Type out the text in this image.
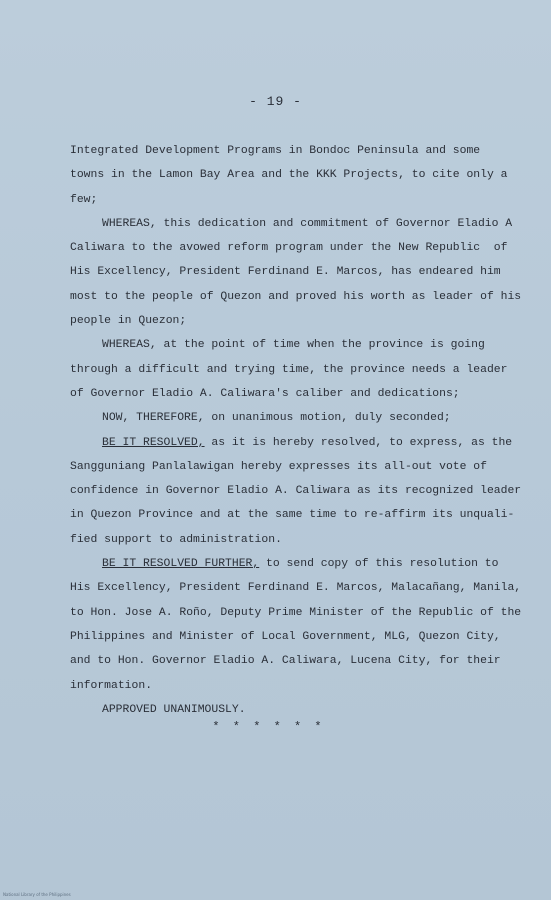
- 19 -
Integrated Development Programs in Bondoc Peninsula and some
towns in the Lamon Bay Area and the KKK Projects, to cite only a
few;
WHEREAS, this dedication and commitment of Governor Eladio A
Caliwara to the avowed reform program under the New Republic  of
His Excellency, President Ferdinand E. Marcos, has endeared him
most to the people of Quezon and proved his worth as leader of his
people in Quezon;
WHEREAS, at the point of time when the province is going
through a difficult and trying time, the province needs a leader
of Governor Eladio A. Caliwara's caliber and dedications;
NOW, THEREFORE, on unanimous motion, duly seconded;
BE IT RESOLVED, as it is hereby resolved, to express, as the
Sangguniang Panlalawigan hereby expresses its all-out vote of
confidence in Governor Eladio A. Caliwara as its recognized leader
in Quezon Province and at the same time to re-affirm its unquali-
fied support to administration.
BE IT RESOLVED FURTHER, to send copy of this resolution to
His Excellency, President Ferdinand E. Marcos, Malacañang, Manila,
to Hon. Jose A. Roño, Deputy Prime Minister of the Republic of the
Philippines and Minister of Local Government, MLG, Quezon City,
and to Hon. Governor Eladio A. Caliwara, Lucena City, for their
information.
APPROVED UNANIMOUSLY.
* * * * * *
National Library of the Philippines
